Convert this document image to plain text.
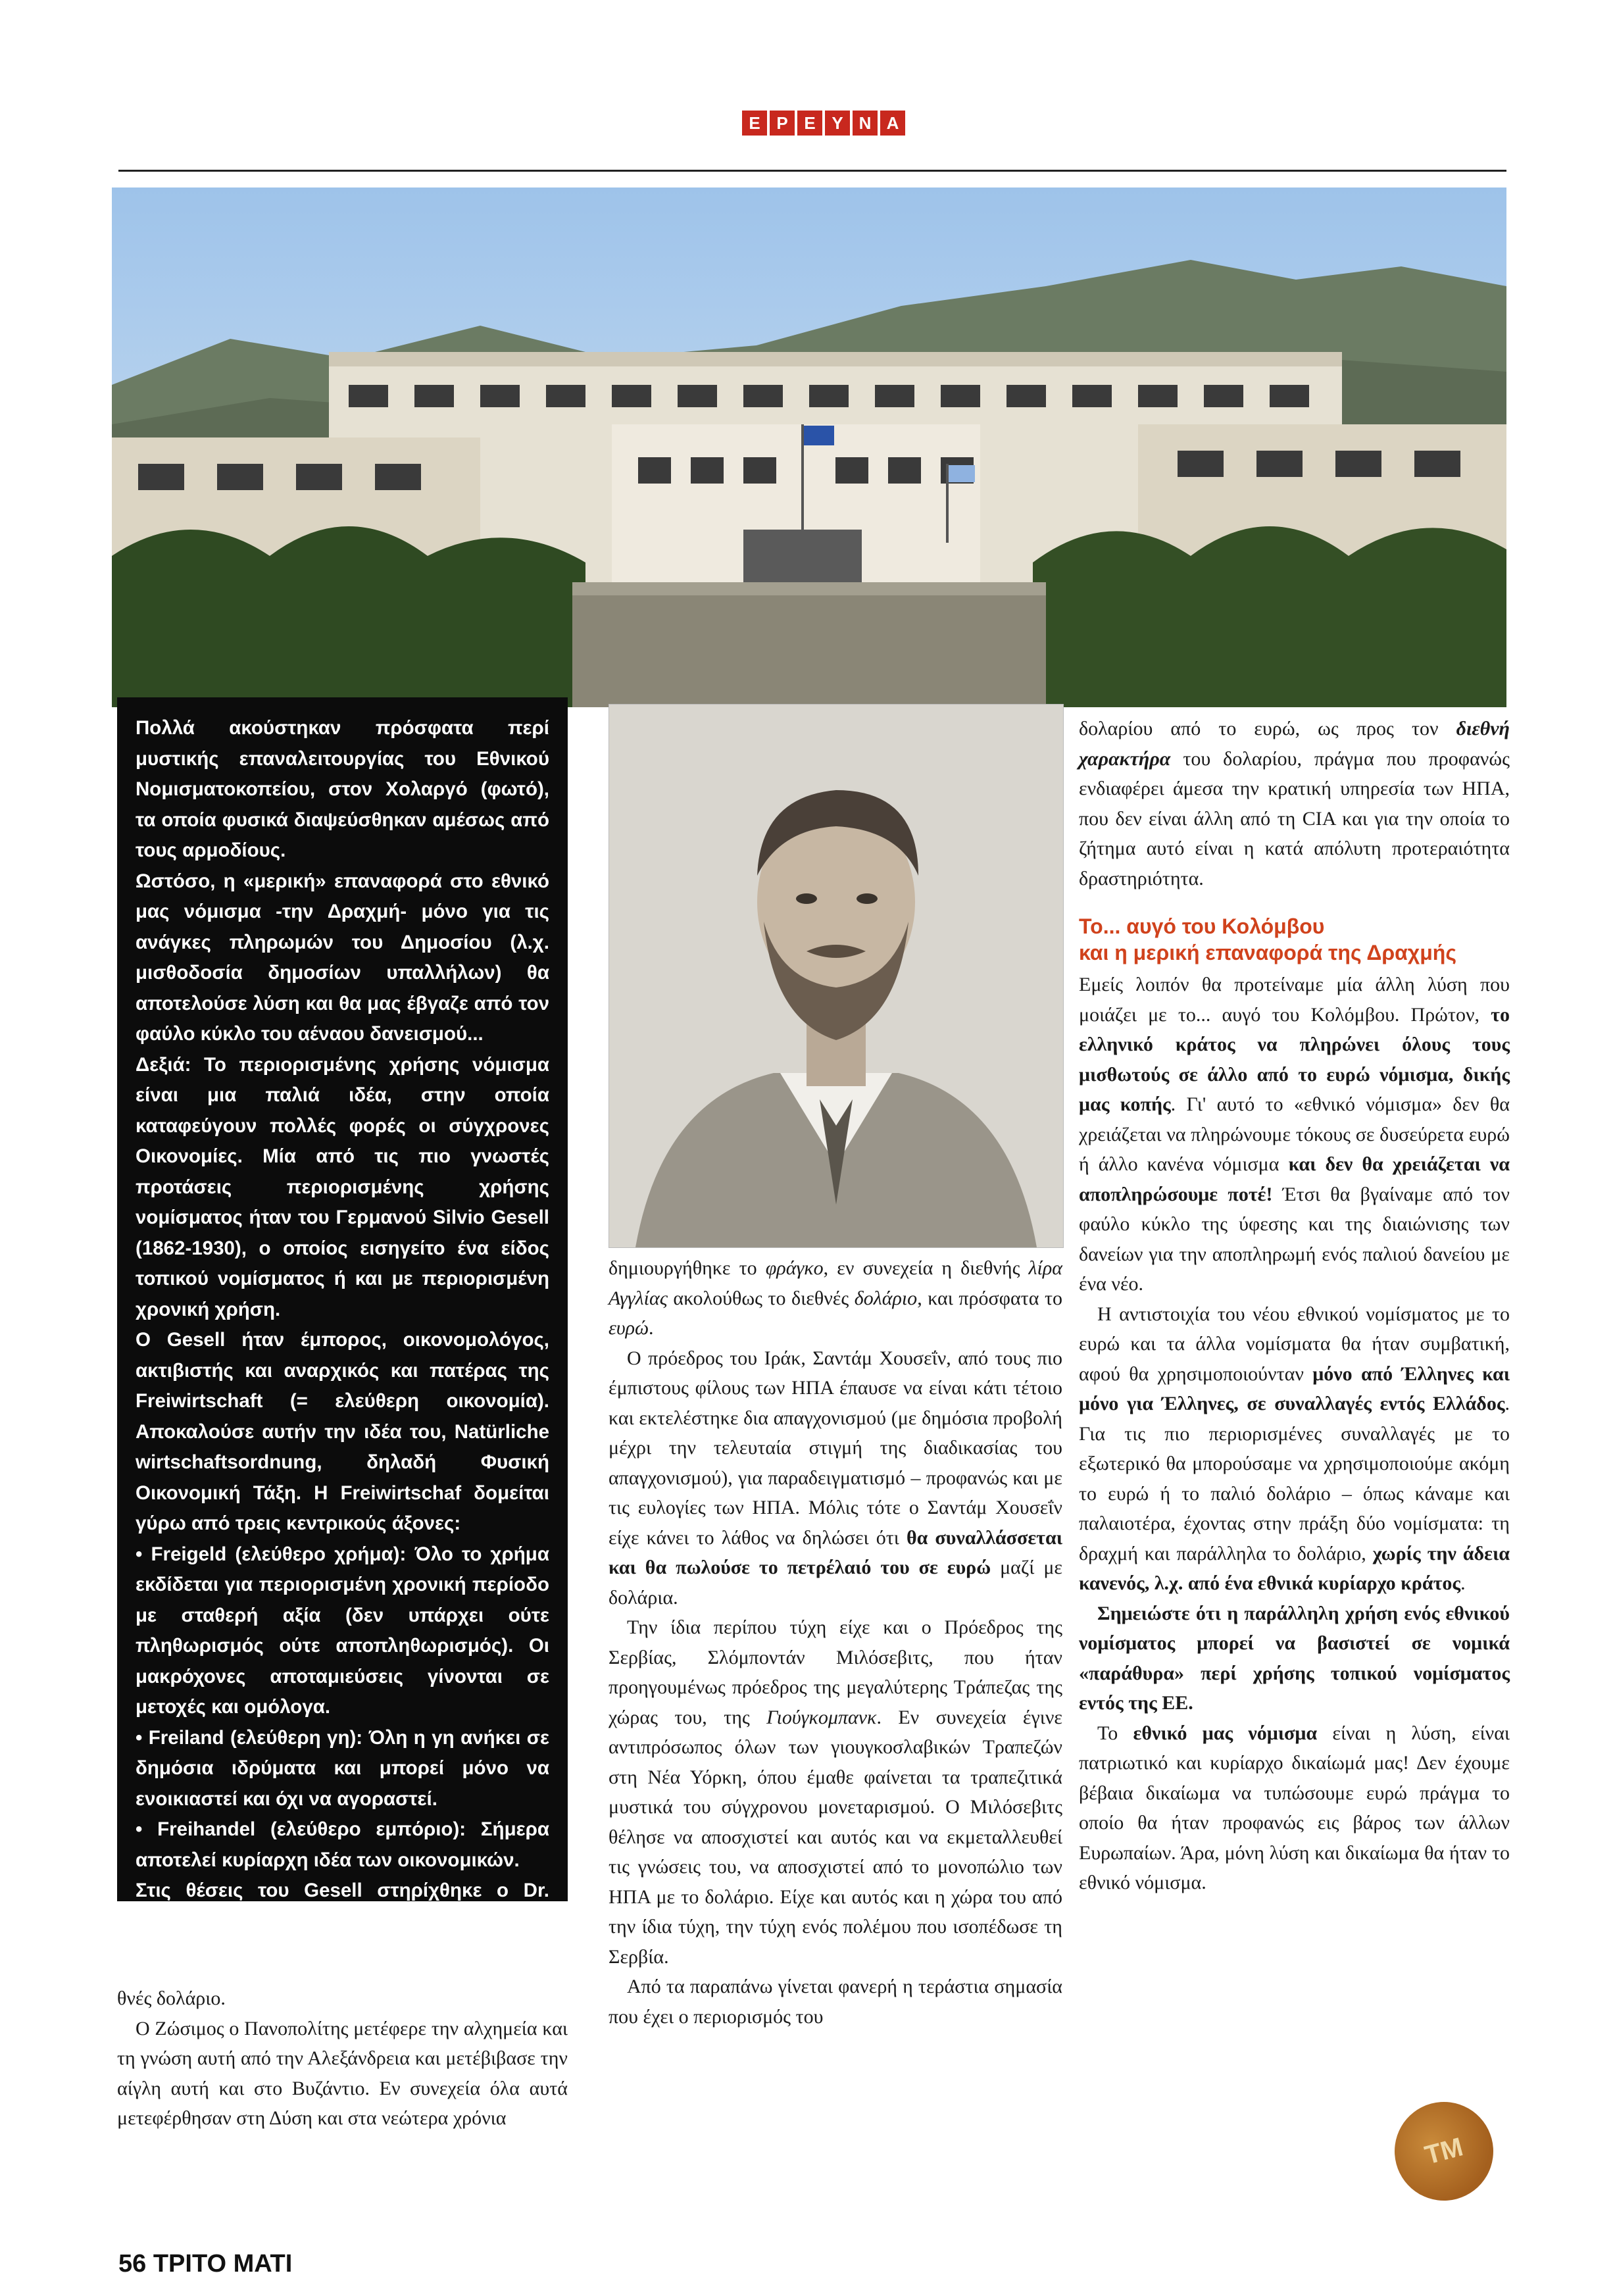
E P E Y N A

Πολλά ακούστηκαν πρόσφατα περί μυστικής επαναλειτουργίας του Εθνικού Νομισματοκοπείου, στον Χολαργό (φωτό), τα οποία φυσικά διαψεύσθηκαν αμέσως από τους αρμοδίους.

Ωστόσο, η «μερική» επαναφορά στο εθνικό μας νόμισμα -την Δραχμή- μόνο για τις ανάγκες πληρωμών του Δημοσίου (λ.χ. μισθοδοσία δημοσίων υπαλλήλων) θα αποτελούσε λύση και θα μας έβγαζε από τον φαύλο κύκλο του αέναου δανεισμού...

Δεξιά: Το περιορισμένης χρήσης νόμισμα είναι μια παλιά ιδέα, στην οποία καταφεύγουν πολλές φορές οι σύγχρονες Οικονομίες. Μία από τις πιο γνωστές προτάσεις περιορισμένης χρήσης νομίσματος ήταν του Γερμανού Silvio Gesell (1862-1930), ο οποίος εισηγείτο ένα είδος τοπικού νομίσματος ή και με περιορισμένη χρονική χρήση.

Ο Gesell ήταν έμπορος, οικονομολόγος, ακτιβιστής και αναρχικός και πατέρας της Freiwirtschaft (= ελεύθερη οικονομία). Αποκαλούσε αυτήν την ιδέα του, Natürliche wirtschaftsordnung, δηλαδή Φυσική Οικονομική Τάξη. Η Freiwirtschaf δομείται γύρω από τρεις κεντρικούς άξονες:

• Freigeld (ελεύθερο χρήμα): Όλο το χρήμα εκδίδεται για περιορισμένη χρονική περίοδο με σταθερή αξία (δεν υπάρχει ούτε πληθωρισμός ούτε αποπληθωρισμός). Οι μακρόχονες αποταμιεύσεις γίνονται σε μετοχές και ομόλογα.

• Freiland (ελεύθερη γη): Όλη η γη ανήκει σε δημόσια ιδρύματα και μπορεί μόνο να ενοικιαστεί και όχι να αγοραστεί.

• Freihandel (ελεύθερο εμπόριο): Σήμερα αποτελεί κυρίαρχη ιδέα των οικονομικών.

Στις θέσεις του Gesell στηρίχθηκε ο Dr. Greeley Schacht και έσωσε την οικονομία της Γερμανίας

θνές δολάριο.

Ο Ζώσιμος ο Πανοπολίτης μετέφερε την αλχημεία και τη γνώση αυτή από την Αλεξάνδρεια και μετέβιβασε την αίγλη αυτή και στο Βυζάντιο. Εν συνεχεία όλα αυτά μετεφέρθησαν στη Δύση και στα νεώτερα χρόνια

δημιουργήθηκε το φράγκο, εν συνεχεία η διεθνής λίρα Αγγλίας ακολούθως το διεθνές δολάριο, και πρόσφατα το ευρώ.

Ο πρόεδρος του Ιράκ, Σαντάμ Χουσεΐν, από τους πιο έμπιστους φίλους των ΗΠΑ έπαυσε να είναι κάτι τέτοιο και εκτελέστηκε δια απαγχονισμού (με δημόσια προβολή μέχρι την τελευταία στιγμή της διαδικασίας του απαγχονισμού), για παραδειγματισμό – προφανώς και με τις ευλογίες των ΗΠΑ. Μόλις τότε ο Σαντάμ Χουσεΐν είχε κάνει το λάθος να δηλώσει ότι θα συναλλάσσεται και θα πωλούσε το πετρέλαιό του σε ευρώ μαζί με δολάρια.

Την ίδια περίπου τύχη είχε και ο Πρόεδρος της Σερβίας, Σλόμποντάν Μιλόσεβιτς, που ήταν προηγουμένως πρόεδρος της μεγαλύτερης Τράπεζας της χώρας του, της Γιούγκομπανκ. Εν συνεχεία έγινε αντιπρόσωπος όλων των γιουγκοσλαβικών Τραπεζών στη Νέα Υόρκη, όπου έμαθε φαίνεται τα τραπεζιτικά μυστικά του σύγχρονου μονεταρισμού. Ο Μιλόσεβιτς θέλησε να αποσχιστεί και αυτός και να εκμεταλλευθεί τις γνώσεις του, να αποσχιστεί από το μονοπώλιο των ΗΠΑ με το δολάριο. Είχε και αυτός και η χώρα του από την ίδια τύχη, την τύχη ενός πολέμου που ισοπέδωσε τη Σερβία.

Από τα παραπάνω γίνεται φανερή η τεράστια σημασία που έχει ο περιορισμός του

δολαρίου από το ευρώ, ως προς τον διεθνή χαρακτήρα του δολαρίου, πράγμα που προφανώς ενδιαφέρει άμεσα την κρατική υπηρεσία των ΗΠΑ, που δεν είναι άλλη από τη CIA και για την οποία το ζήτημα αυτό είναι η κατά απόλυτη προτεραιότητα δραστηριότητα.

Το... αυγό του Κολόμβου
και η μερική επαναφορά της Δραχμής

Εμείς λοιπόν θα προτείναμε μία άλλη λύση που μοιάζει με το... αυγό του Κολόμβου. Πρώτον, το ελληνικό κράτος να πληρώνει όλους τους μισθωτούς σε άλλο από το ευρώ νόμισμα, δικής μας κοπής. Γι' αυτό το «εθνικό νόμισμα» δεν θα χρειάζεται να πληρώνουμε τόκους σε δυσεύρετα ευρώ ή άλλο κανένα νόμισμα και δεν θα χρειάζεται να αποπληρώσουμε ποτέ! Έτσι θα βγαίναμε από τον φαύλο κύκλο της ύφεσης και της διαιώνισης των δανείων για την αποπληρωμή ενός παλιού δανείου με ένα νέο.

Η αντιστοιχία του νέου εθνικού νομίσματος με το ευρώ και τα άλλα νομίσματα θα ήταν συμβατική, αφού θα χρησιμοποιούνταν μόνο από Έλληνες και μόνο για Έλληνες, σε συναλλαγές εντός Ελλάδος. Για τις πιο περιορισμένες συναλλαγές με το εξωτερικό θα μπορούσαμε να χρησιμοποιούμε ακόμη το ευρώ ή το παλιό δολάριο – όπως κάναμε και παλαιοτέρα, έχοντας στην πράξη δύο νομίσματα: τη δραχμή και παράλληλα το δολάριο, χωρίς την άδεια κανενός, λ.χ. από ένα εθνικά κυρίαρχο κράτος.

Σημειώστε ότι η παράλληλη χρήση ενός εθνικού νομίσματος μπορεί να βασιστεί σε νομικά «παράθυρα» περί χρήσης τοπικού νομίσματος εντός της ΕΕ.

Το εθνικό μας νόμισμα είναι η λύση, είναι πατριωτικό και κυρίαρχο δικαίωμά μας! Δεν έχουμε βέβαια δικαίωμα να τυπώσουμε ευρώ πράγμα το οποίο θα ήταν προφανώς εις βάρος των άλλων Ευρωπαίων. Άρα, μόνη λύση και δικαίωμα θα ήταν το εθνικό νόμισμα.

ΤΜ
56 ΤΡΙΤΟ ΜΑΤΙ
